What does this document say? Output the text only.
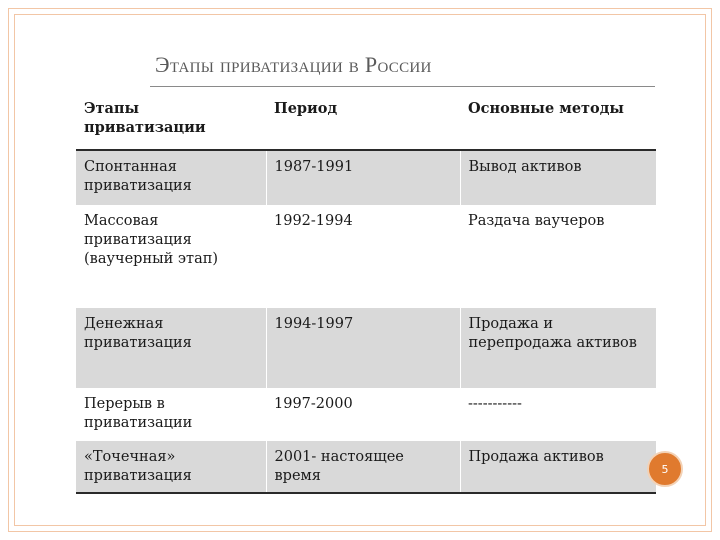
Этапы приватизации в России
Этапы приватизации	Период	Основные методы
Спонтанная приватизация	1987-1991	Вывод активов
Массовая приватизация (ваучерный этап)	1992-1994	Раздача ваучеров
Денежная приватизация	1994-1997	Продажа и перепродажа активов
Перерыв в приватизации	1997-2000	-----------
«Точечная» приватизация	2001- настоящее время	Продажа активов
5
